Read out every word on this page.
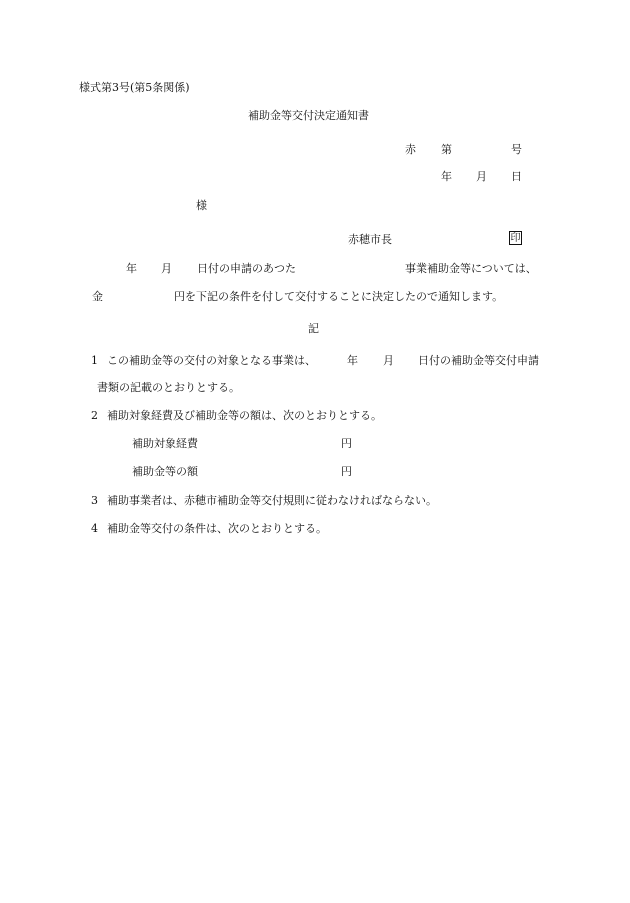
様式第3号(第5条関係)
補助金等交付決定通知書
赤 第	号
年 月 日
様
赤穂市長	印
年 月 日付の申請のあつた	事業補助金等については、
金	円を下記の条件を付して交付することに決定したので通知します。
記
1 この補助金等の交付の対象となる事業は、	年 月 日付の補助金等交付申請
書類の記載のとおりとする。
2 補助対象経費及び補助金等の額は、次のとおりとする。
補助対象経費	円
補助金等の額	円
3 補助事業者は、赤穂市補助金等交付規則に従わなければならない。
4 補助金等交付の条件は、次のとおりとする。
